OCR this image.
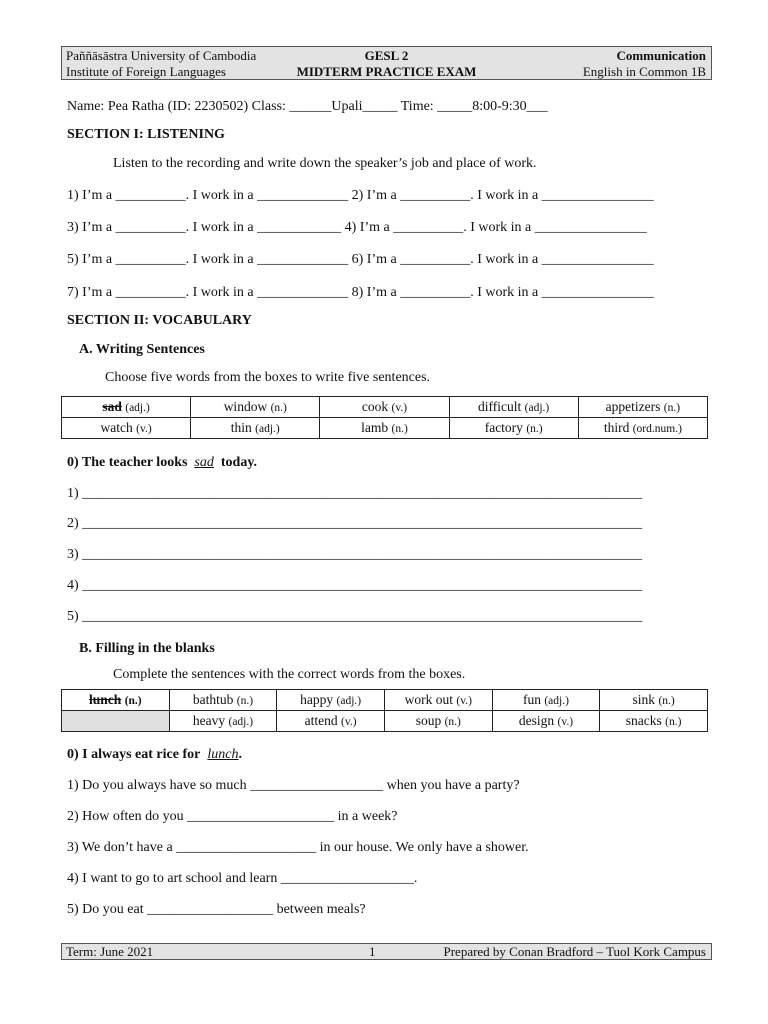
Paññāsāstra University of Cambodia
Institute of Foreign Languages
GESL 2
MIDTERM PRACTICE EXAM
Communication
English in Common 1B
Name: Pea Ratha (ID: 2230502) Class: ______Upali_____ Time: _____8:00-9:30___
SECTION I: LISTENING
Listen to the recording and write down the speaker’s job and place of work.
1) I’m a __________. I work in a _____________ 2) I’m a __________. I work in a ________________
3) I’m a __________. I work in a ____________ 4) I’m a __________. I work in a ________________
5) I’m a __________. I work in a _____________ 6) I’m a __________. I work in a ________________
7) I’m a __________. I work in a _____________ 8) I’m a __________. I work in a ________________
SECTION II: VOCABULARY
A. Writing Sentences
Choose five words from the boxes to write five sentences.
sad (adj.)	window (n.)	cook (v.)	difficult (adj.)	appetizers (n.)
watch (v.)	thin (adj.)	lamb (n.)	factory (n.)	third (ord.num.)
0) The teacher looks sad today.
1) ________________________________________________________________________________
2) ________________________________________________________________________________
3) ________________________________________________________________________________
4) ________________________________________________________________________________
5) ________________________________________________________________________________
B. Filling in the blanks
Complete the sentences with the correct words from the boxes.
lunch (n.)	bathtub (n.)	happy (adj.)	work out (v.)	fun (adj.)	sink (n.)
	heavy (adj.)	attend (v.)	soup (n.)	design (v.)	snacks (n.)
0) I always eat rice for lunch.
1) Do you always have so much ___________________ when you have a party?
2) How often do you _____________________ in a week?
3) We don’t have a ____________________ in our house. We only have a shower.
4) I want to go to art school and learn ___________________.
5) Do you eat __________________ between meals?
Term: June 2021	1	Prepared by Conan Bradford – Tuol Kork Campus
